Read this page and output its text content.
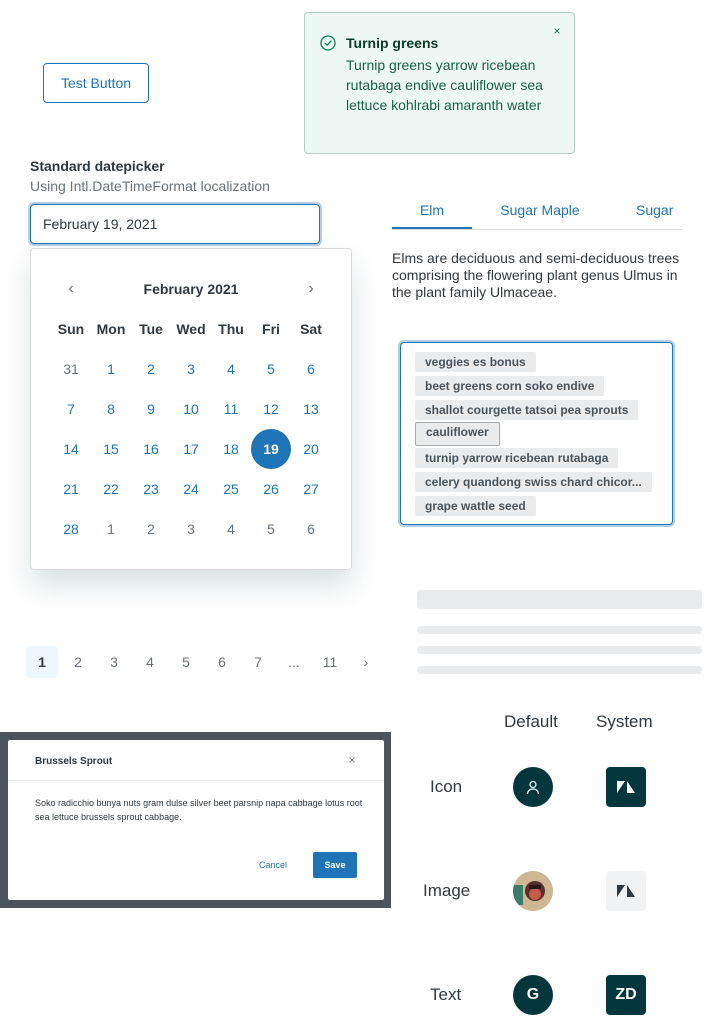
Test Button
Turnip greens
Turnip greens yarrow ricebean rutabaga endive cauliflower sea lettuce kohlrabi amaranth water
×
Standard datepicker
Using Intl.DateTimeFormat localization
February 19, 2021
‹	February 2021	›
Sun Mon Tue Wed Thu	Fri	Sat
31	1	2	3	4	5	6
7	8	9	10	11	12	13
14	15	16	17	18	19	20
21	22	23	24	25	26	27
28	1	2	3	4	5	6
Elm	Sugar Maple	Sugar
Elms are deciduous and semi-deciduous trees comprising the flowering plant genus Ulmus in the plant family Ulmaceae.
veggies es bonus
beet greens corn soko endive
shallot courgette tatsoi pea sprouts
cauliflower
turnip yarrow ricebean rutabaga
celery quandong swiss chard chicor...
grape wattle seed
1	2	3	4	5	6	7	...	11	›
Brussels Sprout	×
Soko radicchio bunya nuts gram dulse silver beet parsnip napa cabbage lotus root sea lettuce brussels sprout cabbage.
Cancel	Save
Default System
Icon
Image
Text	G	ZD
